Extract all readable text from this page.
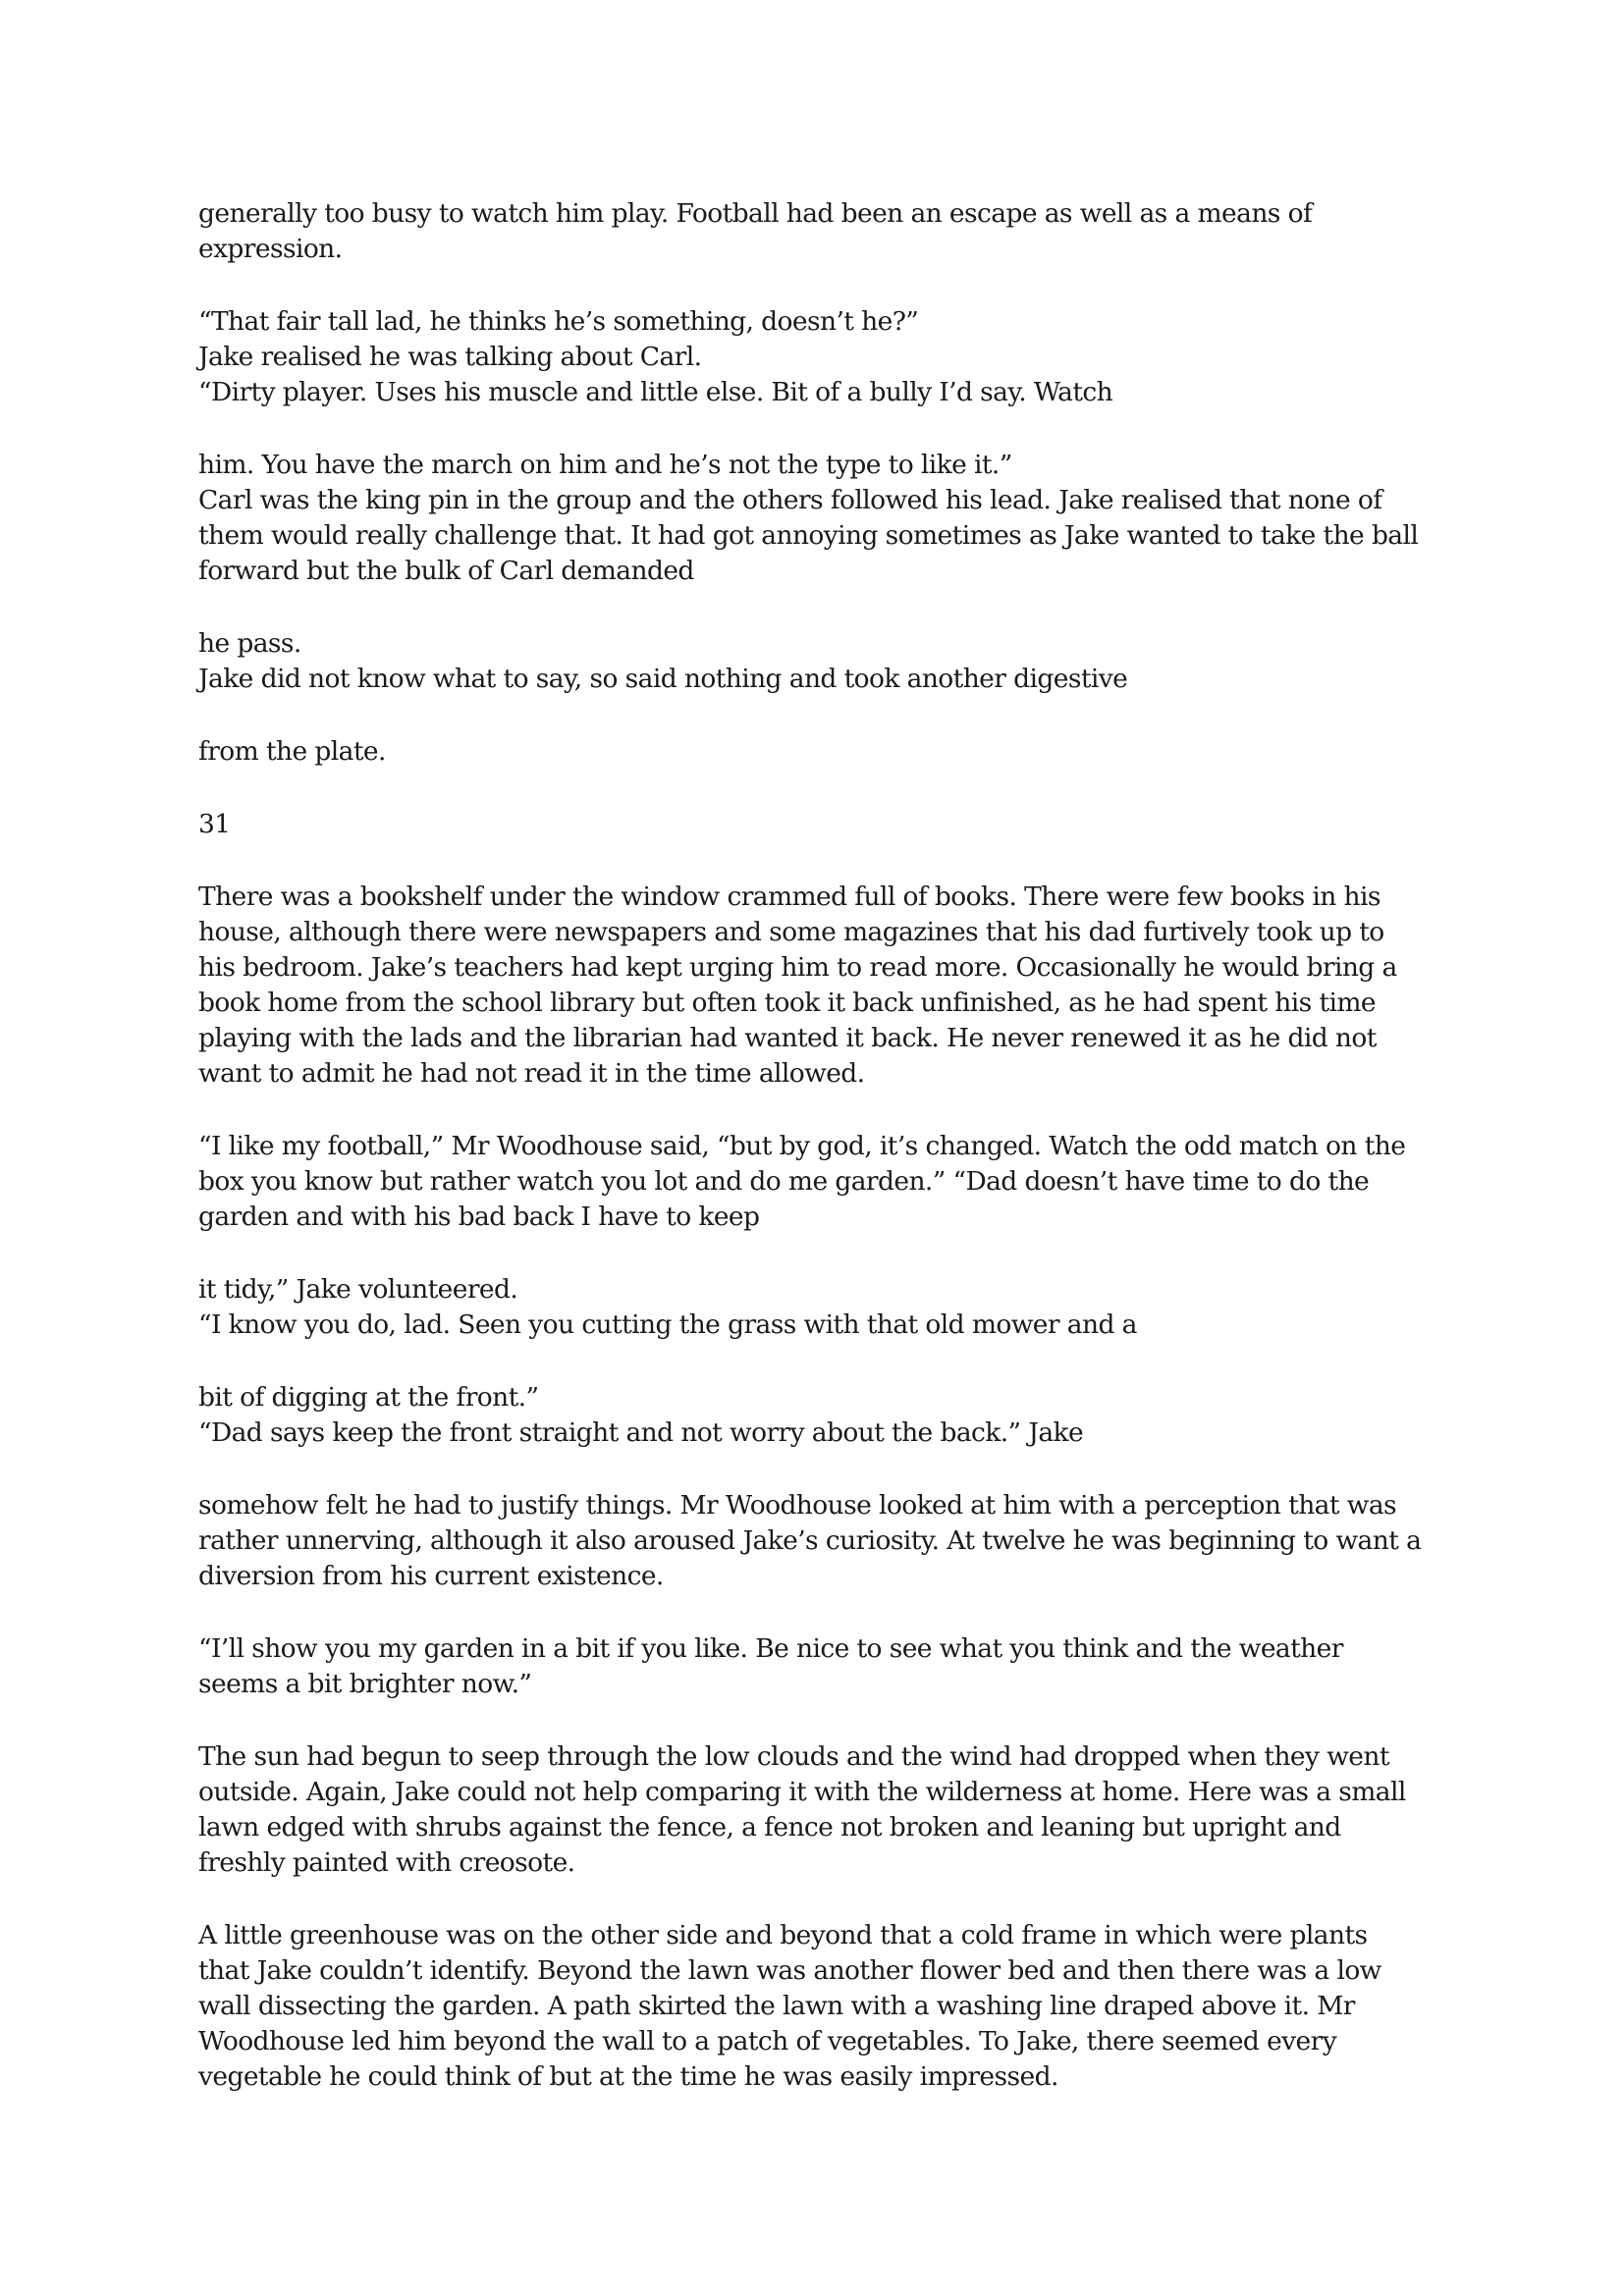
generally too busy to watch him play. Football had been an escape as well as a means of
expression.
“That fair tall lad, he thinks he’s something, doesn’t he?”
Jake realised he was talking about Carl.
“Dirty player. Uses his muscle and little else. Bit of a bully I’d say. Watch
him. You have the march on him and he’s not the type to like it.”
Carl was the king pin in the group and the others followed his lead. Jake realised that none of
them would really challenge that. It had got annoying sometimes as Jake wanted to take the ball
forward but the bulk of Carl demanded
he pass.
Jake did not know what to say, so said nothing and took another digestive
from the plate.
31
There was a bookshelf under the window crammed full of books. There were few books in his
house, although there were newspapers and some magazines that his dad furtively took up to
his bedroom. Jake’s teachers had kept urging him to read more. Occasionally he would bring a
book home from the school library but often took it back unfinished, as he had spent his time
playing with the lads and the librarian had wanted it back. He never renewed it as he did not
want to admit he had not read it in the time allowed.
“I like my football,” Mr Woodhouse said, “but by god, it’s changed. Watch the odd match on the
box you know but rather watch you lot and do me garden.” “Dad doesn’t have time to do the
garden and with his bad back I have to keep
it tidy,” Jake volunteered.
“I know you do, lad. Seen you cutting the grass with that old mower and a
bit of digging at the front.”
“Dad says keep the front straight and not worry about the back.” Jake
somehow felt he had to justify things. Mr Woodhouse looked at him with a perception that was
rather unnerving, although it also aroused Jake’s curiosity. At twelve he was beginning to want a
diversion from his current existence.
“I’ll show you my garden in a bit if you like. Be nice to see what you think and the weather
seems a bit brighter now.”
The sun had begun to seep through the low clouds and the wind had dropped when they went
outside. Again, Jake could not help comparing it with the wilderness at home. Here was a small
lawn edged with shrubs against the fence, a fence not broken and leaning but upright and
freshly painted with creosote.
A little greenhouse was on the other side and beyond that a cold frame in which were plants
that Jake couldn’t identify. Beyond the lawn was another flower bed and then there was a low
wall dissecting the garden. A path skirted the lawn with a washing line draped above it. Mr
Woodhouse led him beyond the wall to a patch of vegetables. To Jake, there seemed every
vegetable he could think of but at the time he was easily impressed.
